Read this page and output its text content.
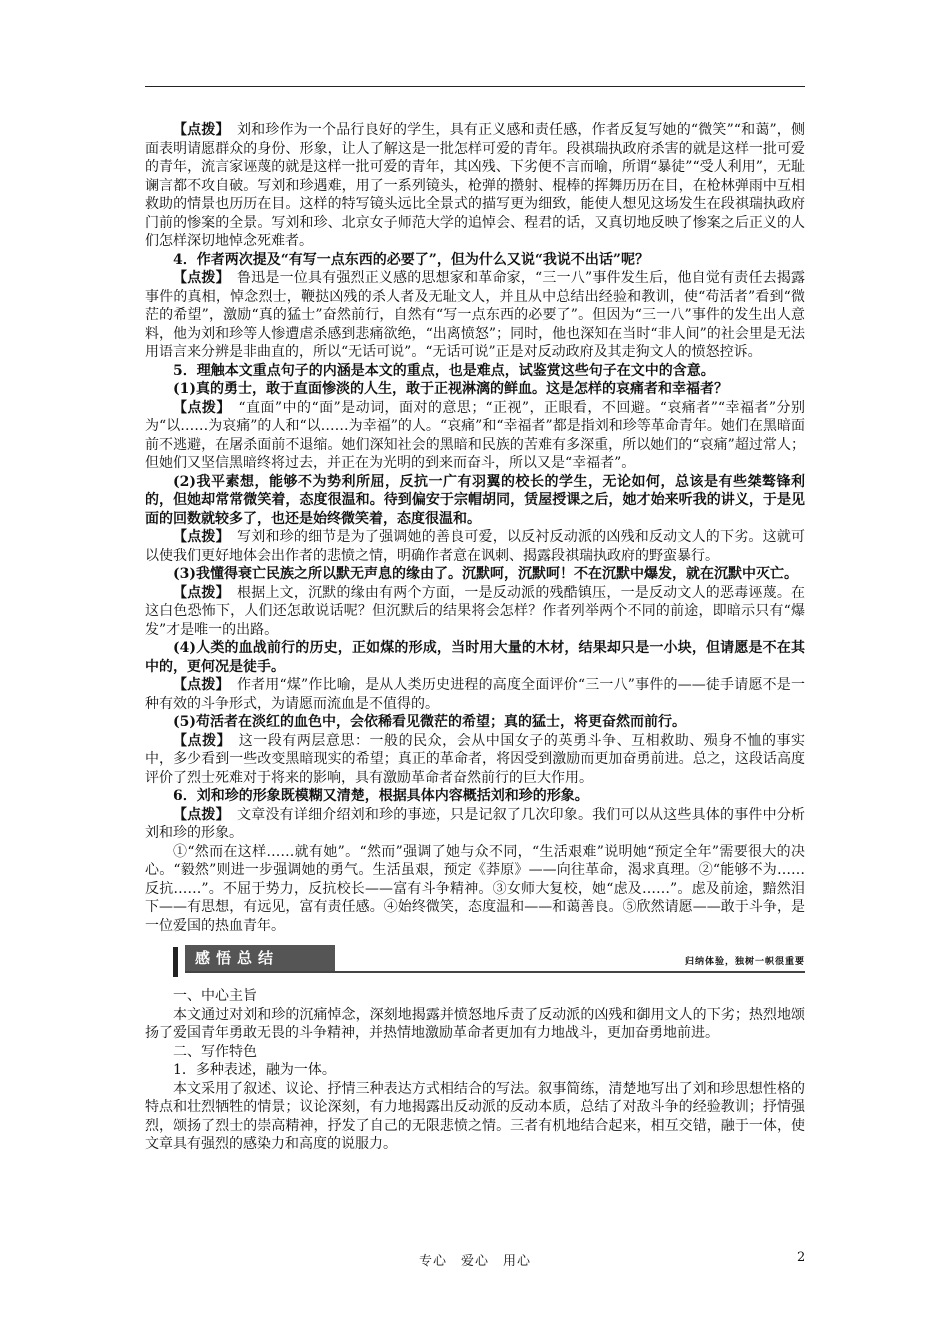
【点拨】　 刘和珍作为一个品行良好的学生，具有正义感和责任感，作者反复写她的“微笑”“和蔼”，侧面表明请愿群众的身份、形象，让人了解这是一批怎样可爱的青年。段祺瑞执政府杀害的就是这样一批可爱的青年，流言家诬蔑的就是这样一批可爱的青年，其凶残、下劣便不言而喻，所谓“暴徒”“受人利用”，无耻谰言都不攻自破。写刘和珍遇难，用了一系列镜头，枪弹的攒射、棍棒的挥舞历历在目，在枪林弹雨中互相救助的情景也历历在目。这样的特写镜头远比全景式的描写更为细致，能使人想见这场发生在段祺瑞执政府门前的惨案的全景。写刘和珍、北京女子师范大学的追悼会、程君的话，又真切地反映了惨案之后正义的人们怎样深切地悼念死难者。

4．作者两次提及“有写一点东西的必要了”，但为什么又说“我说不出话”呢？

【点拨】　 鲁迅是一位具有强烈正义感的思想家和革命家，“三一八”事件发生后，他自觉有责任去揭露事件的真相，悼念烈士，鞭挞凶残的杀人者及无耻文人，并且从中总结出经验和教训，使“苟活者”看到“微茫的希望”，激励“真的猛士”奋然前行，自然有“写一点东西的必要了”。但因为“三一八”事件的发生出人意料，他为刘和珍等人惨遭虐杀感到悲痛欲绝，“出离愤怒”；同时，他也深知在当时“非人间”的社会里是无法用语言来分辨是非曲直的，所以“无话可说”。“无话可说”正是对反动政府及其走狗文人的愤怒控诉。

5．理触本文重点句子的内涵是本文的重点，也是难点，试鉴赏这些句子在文中的含意。

(1)真的勇士，敢于直面惨淡的人生，敢于正视淋漓的鲜血。这是怎样的哀痛者和幸福者？

【点拨】　 “直面”中的“面”是动词，面对的意思；“正视”，正眼看，不回避。“哀痛者”“幸福者”分别为“以……为哀痛”的人和“以……为幸福”的人。“哀痛”和“幸福者”都是指刘和珍等革命青年。她们在黑暗面前不逃避，在屠杀面前不退缩。她们深知社会的黑暗和民族的苦难有多深重，所以她们的“哀痛”超过常人；但她们又坚信黑暗终将过去，并正在为光明的到来而奋斗，所以又是“幸福者”。

(2)我平素想，能够不为势利所屈，反抗一广有羽翼的校长的学生，无论如何，总该是有些桀骜锋利的，但她却常常微笑着，态度很温和。待到偏安于宗帽胡同，赁屋授课之后，她才始来听我的讲义，于是见面的回数就较多了，也还是始终微笑着，态度很温和。

【点拨】　 写刘和珍的细节是为了强调她的善良可爱，以反衬反动派的凶残和反动文人的下劣。这就可以使我们更好地体会出作者的悲愤之情，明确作者意在讽刺、揭露段祺瑞执政府的野蛮暴行。

(3)我懂得衰亡民族之所以默无声息的缘由了。沉默呵，沉默呵！不在沉默中爆发，就在沉默中灭亡。

【点拨】　 根据上文，沉默的缘由有两个方面，一是反动派的残酷镇压，一是反动文人的恶毒诬蔑。在这白色恐怖下，人们还怎敢说话呢？但沉默后的结果将会怎样？作者列举两个不同的前途，即暗示只有“爆发”才是唯一的出路。

(4)人类的血战前行的历史，正如煤的形成，当时用大量的木材，结果却只是一小块，但请愿是不在其中的，更何况是徒手。

【点拨】　 作者用“煤”作比喻，是从人类历史进程的高度全面评价“三一八”事件的——徒手请愿不是一种有效的斗争形式，为请愿而流血是不值得的。

(5)苟活者在淡红的血色中，会依稀看见微茫的希望；真的猛士，将更奋然而前行。

【点拨】　 这一段有两层意思：一般的民众，会从中国女子的英勇斗争、互相救助、殒身不恤的事实中，多少看到一些改变黑暗现实的希望；真正的革命者，将因受到激励而更加奋勇前进。总之，这段话高度评价了烈士死难对于将来的影响，具有激励革命者奋然前行的巨大作用。

6．刘和珍的形象既模糊又清楚，根据具体内容概括刘和珍的形象。

【点拨】　 文章没有详细介绍刘和珍的事迹，只是记叙了几次印象。我们可以从这些具体的事件中分析刘和珍的形象。

①“然而在这样……就有她”。“然而”强调了她与众不同，“生活艰难”说明她“预定全年”需要很大的决心。“毅然”则进一步强调她的勇气。生活虽艰，预定《莽原》——向往革命，渴求真理。②“能够不为……反抗……”。不屈于势力，反抗校长——富有斗争精神。③女师大复校，她“虑及……”。虑及前途，黯然泪下——有思想，有远见，富有责任感。④始终微笑，态度温和——和蔼善良。⑤欣然请愿——敢于斗争，是一位爱国的热血青年。

感悟总结	归纳体验，独树一帜很重要

一、中心主旨

本文通过对刘和珍的沉痛悼念，深刻地揭露并愤怒地斥责了反动派的凶残和御用文人的下劣；热烈地颂扬了爱国青年勇敢无畏的斗争精神，并热情地激励革命者更加有力地战斗，更加奋勇地前进。

二、写作特色

1．多种表述，融为一体。

本文采用了叙述、议论、抒情三种表达方式相结合的写法。叙事简练，清楚地写出了刘和珍思想性格的特点和壮烈牺牲的情景；议论深刻，有力地揭露出反动派的反动本质，总结了对敌斗争的经验教训；抒情强烈，颂扬了烈士的崇高精神，抒发了自己的无限悲愤之情。三者有机地结合起来，相互交错，融于一体，使文章具有强烈的感染力和高度的说服力。

专心　爱心　用心	2
